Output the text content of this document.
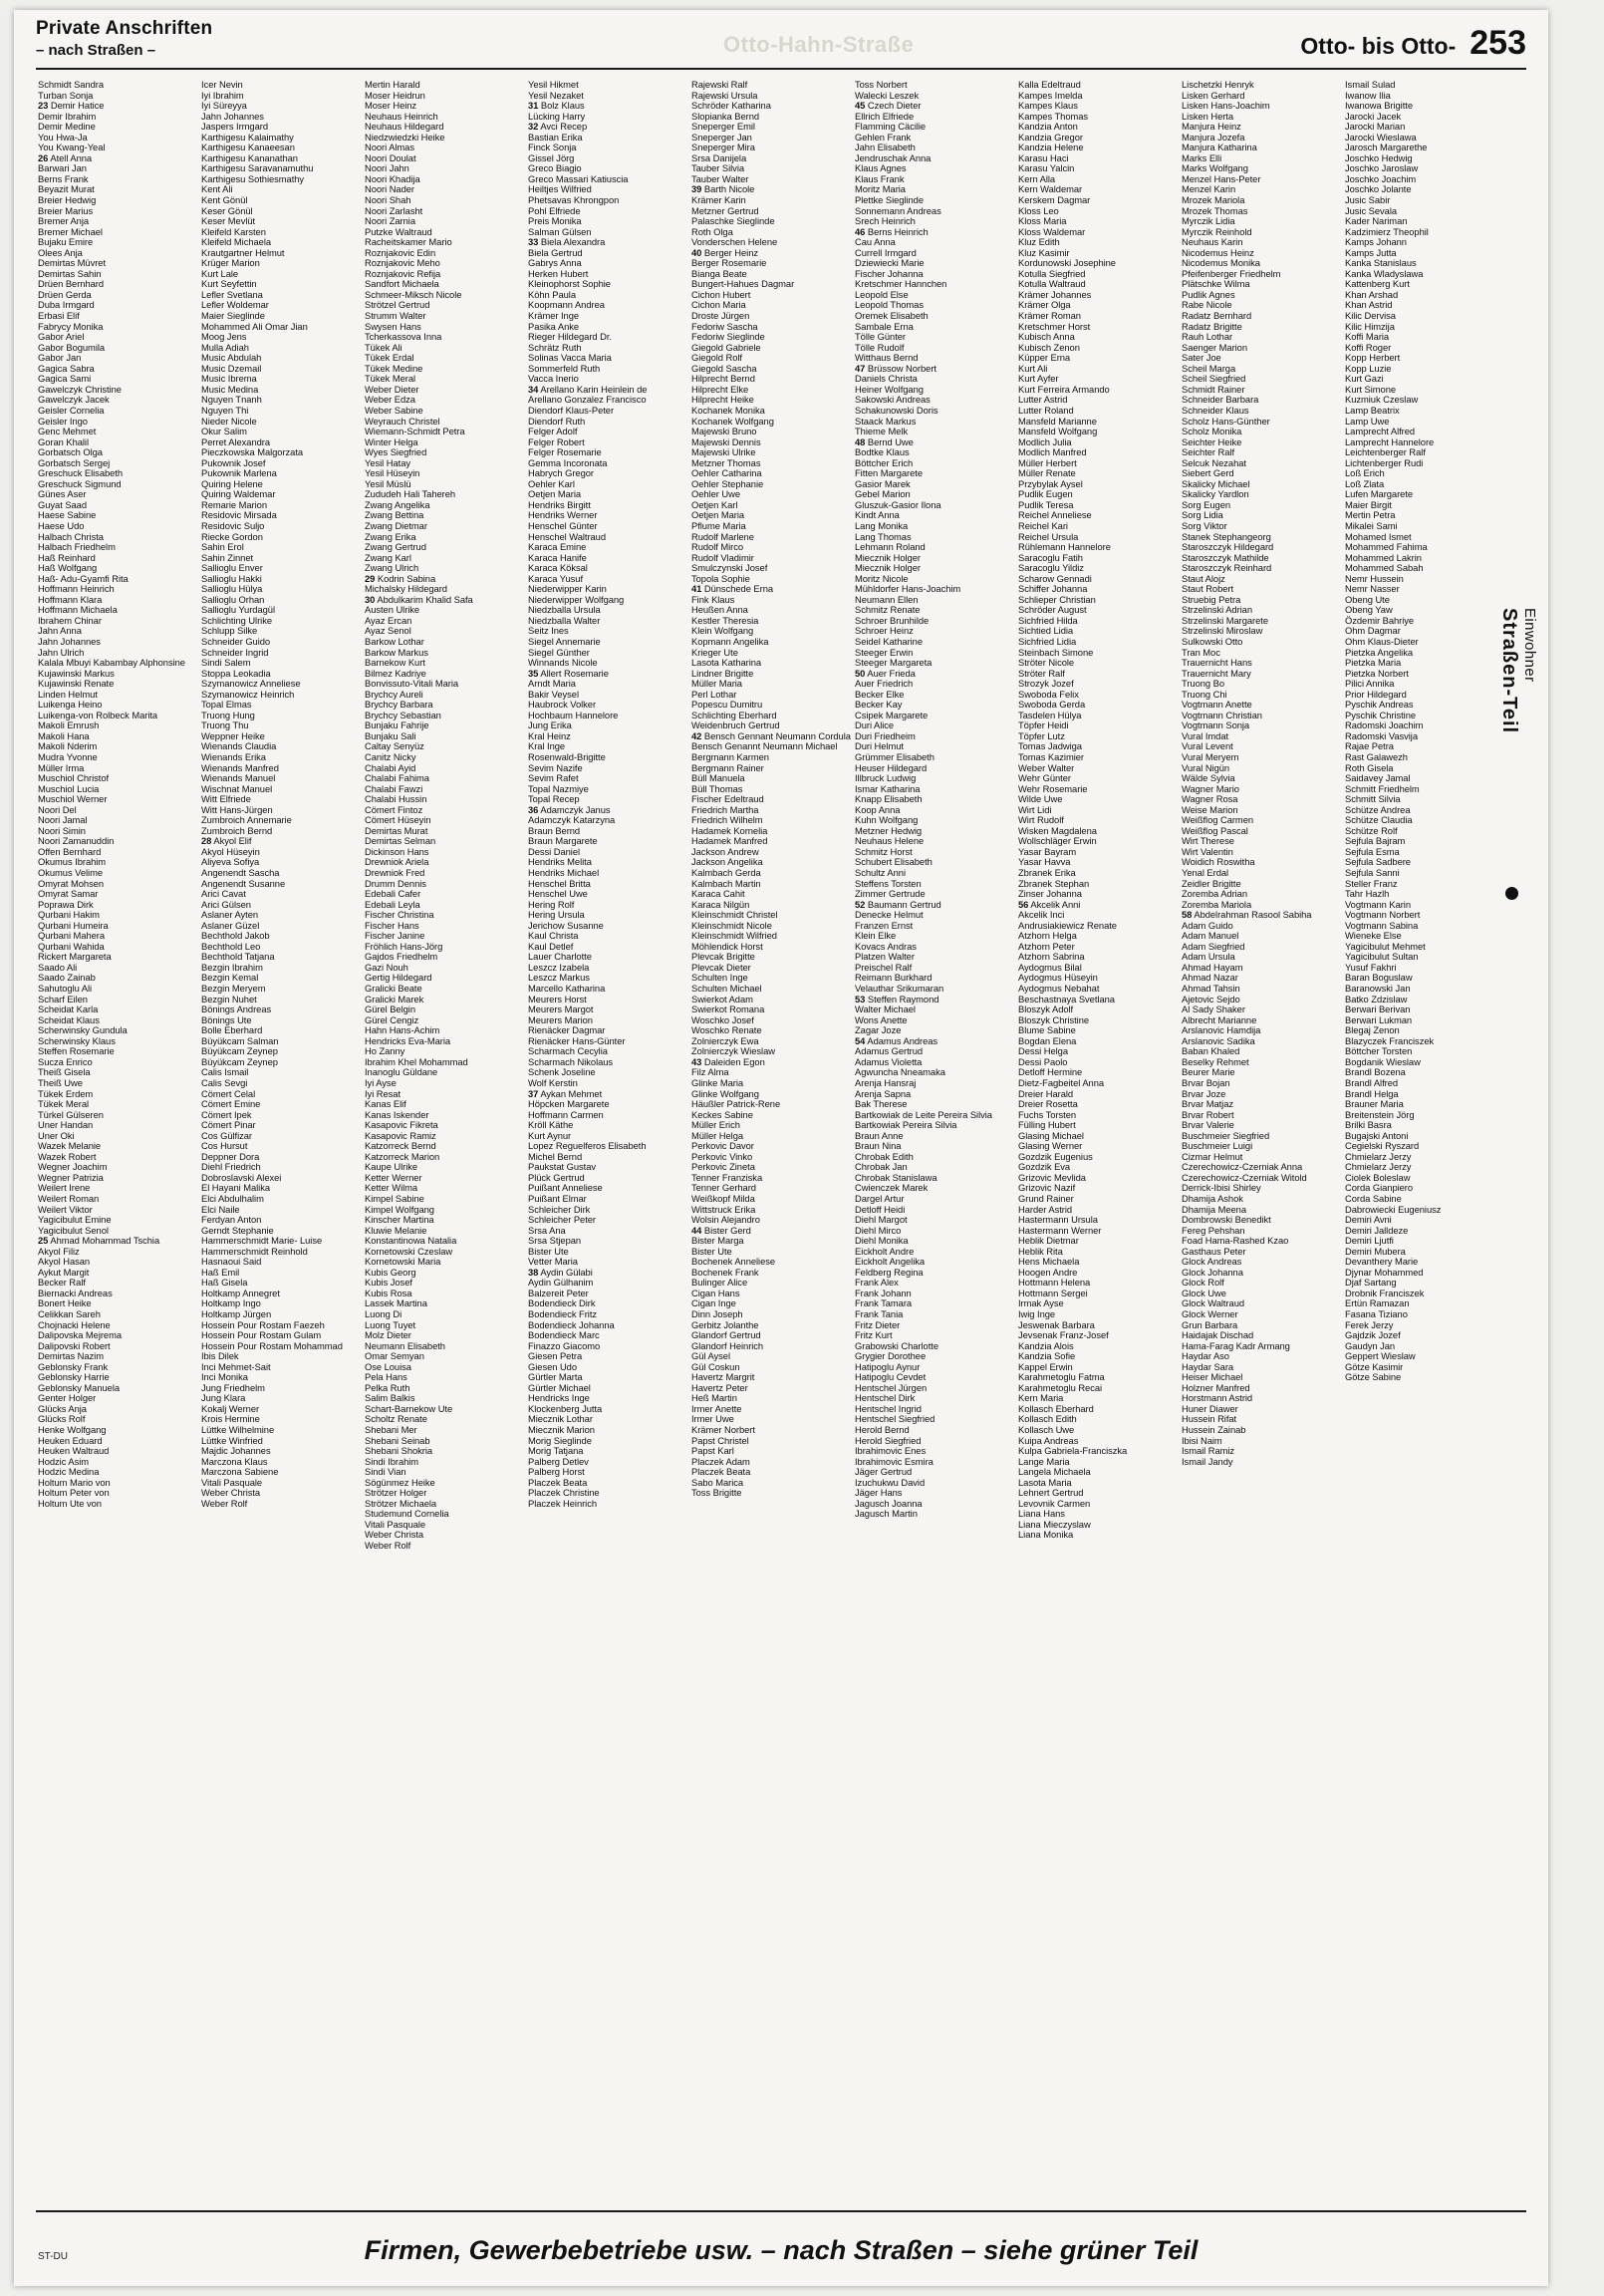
Private Anschriften
– nach Straßen –	Otto-Hahn-Straße	Otto- bis Otto- 253
Einwohner
Straßen-Teil
Schmidt Sandra
Turban Sonja
23 Demir Hatice
Demir Ibrahim
Demir Medine
You Hwa-Ja
You Kwang-Yeal
26 Atell Anna
Barwari Jan
Berns Frank
Beyazit Murat
Breier Hedwig
Breier Marius
Bremer Anja
Bremer Michael
Bujaku Emire
Olees Anja
Demirtas Müvret
Demirtas Sahin
Drüen Bernhard
Drüen Gerda
Duba Irmgard
Erbasi Elif
Fabrycy Monika
Gabor Ariel
Gabor Bogumila
Gabor Jan
Gagica Sabra
Gagica Sami
Gawelczyk Christine
Gawelczyk Jacek
Geisler Cornelia
Geisler Ingo
Genc Mehmet
Goran Khalil
Gorbatsch Olga
Gorbatsch Sergej
Greschuck Elisabeth
Greschuck Sigmund
Günes Aser
Guyat Saad
Haese Sabine
Haese Udo
Halbach Christa
Halbach Friedhelm
Haß Reinhard
Haß Wolfgang
Haß- Adu-Gyamfi Rita
Hoffmann Heinrich
Hoffmann Klara
Hoffmann Michaela
Ibrahem Chinar
Jahn Anna
Jahn Johannes
Jahn Ulrich
Kalala Mbuyi Kabambay Alphonsine
Kujawinski Markus
Kujawinski Renate
Linden Helmut
Luikenga Heino
Luikenga-von Rolbeck Marita
Makoli Emrush
Makoli Hana
Makoli Nderim
Mudra Yvonne
Müller Irma
Muschiol Christof
Muschiol Lucia
Muschiol Werner
Noori Del
Noori Jamal
Noori Simin
Noori Zamanuddin
Offen Bernhard
Okumus Ibrahim
Okumus Velime
Omyrat Mohsen
Omyrat Samar
Poprawa Dirk
Qurbani Hakim
Qurbani Humeira
Qurbani Mahera
Qurbani Wahida
Rickert Margareta
Saado Ali
Saado Zainab
Sahutoglu Ali
Scharf Eilen
Scheidat Karla
Scheidat Klaus
Scherwinsky Gundula
Scherwinsky Klaus
Steffen Rosemarie
Sucza Enrico
Theiß Gisela
Theiß Uwe
Tükek Erdem
Tükek Meral
Türkel Gülseren
Uner Handan
Uner Oki
Wazek Melanie
Wazek Robert
Wegner Joachim
Wegner Patrizia
Weilert Irene
Weilert Roman
Weilert Viktor
Yagicibulut Emine
Yagicibulut Senol
25 Ahmad Mohammad Tschia
Akyol Filiz
Akyol Hasan
Aykut Margit
Becker Ralf
Biernacki Andreas
Bonert Heike
Celikkan Sareh
Chojnacki Helene
Dalipovska Mejrema
Dalipovski Robert
Demirtas Nazim
Geblonsky Frank
Geblonsky Harrie
Geblonsky Manuela
Genter Holger
Glücks Anja
Glücks Rolf
Henke Wolfgang
Heuken Eduard
Heuken Waltraud
Hodzic Asim
Hodzic Medina
Holtum Mario von
Holtum Peter von
Holtum Ute von
Icer Nevin
Iyi Ibrahim
Iyi Süreyya
Jahn Johannes
Jaspers Irmgard
Karthigesu Kalaimathy
Karthigesu Kanaeesan
Karthigesu Kananathan
Karthigesu Saravanamuthu
Karthigesu Sothiesmathy
Kent Ali
Kent Gönül
Keser Gönül
Keser Mevlüt
Kleifeld Karsten
Kleifeld Michaela
Krautgartner Helmut
Krüger Marion
Kurt Lale
Kurt Seyfettin
Lefler Svetlana
Lefler Woldemar
Maier Sieglinde
Mohammed Ali Omar Jian
Moog Jens
Mulla Adiah
Music Abdulah
Music Dzemail
Music Ibrema
Music Medina
Nguyen Tnanh
Nguyen Thi
Nieder Nicole
Okur Salim
Perret Alexandra
Pieczkowska Malgorzata
Pukownik Josef
Pukownik Marlena
Quiring Helene
Quiring Waldemar
Remarie Marion
Residovic Mirsada
Residovic Suljo
Riecke Gordon
Sahin Erol
Sahin Zinnet
Sallioglu Enver
Sallioglu Hakki
Sallioglu Hülya
Sallioglu Orhan
Sallioglu Yurdagül
Schlichting Ulrike
Schlupp Silke
Schneider Guido
Schneider Ingrid
Sindi Salem
Stoppa Leokadia
Szymanowicz Anneliese
Szymanowicz Heinrich
Topal Elmas
Truong Hung
Truong Thu
Weppner Heike
Wienands Claudia
Wienands Erika
Wienands Manfred
Wienands Manuel
Wischnat Manuel
Witt Elfriede
Witt Hans-Jürgen
Zumbroich Annemarie
Zumbroich Bernd
28 Akyol Elif
Akyol Hüseyin
Aliyeva Sofiya
Angenendt Sascha
Angenendt Susanne
Arici Cavat
Arici Gülsen
Aslaner Ayten
Aslaner Güzel
Bechthold Jakob
Bechthold Leo
Bechthold Tatjana
Bezgin Ibrahim
Bezgin Kemal
Bezgin Meryem
Bezgin Nuhet
Bönings Andreas
Bönings Ute
Bolle Eberhard
Büyükcam Salman
Büyükcam Zeynep
Büyükcam Zeynep
Calis Ismail
Calis Sevgi
Cömert Celal
Cömert Emine
Cömert Ipek
Cömert Pinar
Cos Gülfizar
Cos Hursut
Deppner Dora
Diehl Friedrich
Dobroslavski Alexei
El Hayani Malika
Elci Abdulhalim
Elci Naile
Ferdyan Anton
Gerndt Stephanie
Hammerschmidt Marie- Luise
Hammerschmidt Reinhold
Hasnaoui Said
Haß Emil
Haß Gisela
Holtkamp Annegret
Holtkamp Ingo
Holtkamp Jürgen
Hossein Pour Rostam Faezeh
Hossein Pour Rostam Gulam
Hossein Pour Rostam Mohammad
Ibis Dilek
Inci Mehmet-Sait
Inci Monika
Jung Friedhelm
Jung Klara
Kokalj Werner
Krois Hermine
Lüttke Wilhelmine
Lüttke Winfried
Majdic Johannes
Marczona Klaus
Marczona Sabiene
Vitali Pasquale
Weber Christa
Weber Rolf
Mertin Harald
Moser Heidrun
Moser Heinz
Neuhaus Heinrich
Neuhaus Hildegard
Niedzwiedzki Heike
Noori Almas
Noori Doulat
Noori Jahn
Noori Khadija
Noori Nader
Noori Shah
Noori Zarlasht
Noori Zarnia
Putzke Waltraud
Racheitskamer Mario
Roznjakovic Edin
Roznjakovic Meho
Roznjakovic Refija
Sandfort Michaela
Schmeer-Miksch Nicole
Strötzel Gertrud
Strumm Walter
Swysen Hans
Tcherkassova Inna
Tükek Ali
Tükek Erdal
Tükek Medine
Tükek Meral
Weber Dieter
Weber Edza
Weber Sabine
Weyrauch Christel
Wiemann-Schmidt Petra
Winter Helga
Wyes Siegfried
Yesil Hatay
Yesil Hüseyin
Yesil Müslü
Zududeh Hali Tahereh
Zwang Angelika
Zwang Bettina
Zwang Dietmar
Zwang Erika
Zwang Gertrud
Zwang Karl
Zwang Ulrich
29 Kodrin Sabina
Michalsky Hildegard
30 Abdulkarim Khalid Safa
Austen Ulrike
Ayaz Ercan
Ayaz Senol
Barkow Lothar
Barkow Markus
Barnekow Kurt
Bilmez Kadriye
Bonvissuto-Vitali Maria
Brychcy Aureli
Brychcy Barbara
Brychcy Sebastian
Bunjaku Fahrije
Bunjaku Sali
Caltay Senyüz
Canitz Nicky
Chalabi Ayid
Chalabi Fahima
Chalabi Fawzi
Chalabi Hussin
Cömert Fintoz
Cömert Hüseyin
Demirtas Murat
Demirtas Selman
Dickinson Hans
Drewniok Ariela
Drewniok Fred
Drumm Dennis
Edebali Cafer
Edebali Leyla
Fischer Christina
Fischer Hans
Fischer Janine
Fröhlich Hans-Jörg
Gajdos Friedhelm
Gazi Nouh
Gertig Hildegard
Gralicki Beate
Gralicki Marek
Gürel Belgin
Gürel Cengiz
Hahn Hans-Achim
Hendricks Eva-Maria
Ho Zanny
Ibrahim Khel Mohammad
Inanoglu Güldane
Iyi Ayse
Iyi Resat
Kanas Elif
Kanas Iskender
Kasapovic Fikreta
Kasapovic Ramiz
Katzorreck Bernd
Katzorreck Marion
Kaupe Ulrike
Ketter Werner
Ketter Wilma
Kimpel Sabine
Kimpel Wolfgang
Kinscher Martina
Kluwie Melanie
Konstantinowa Natalia
Kornetowski Czeslaw
Kornetowski Maria
Kubis Georg
Kubis Josef
Kubis Rosa
Lassek Martina
Luong Di
Luong Tuyet
Molz Dieter
Neumann Elisabeth
Omar Semyan
Ose Louisa
Pela Hans
Pelka Ruth
Salim Balkis
Schart-Barnekow Ute
Scholtz Renate
Shebani Mer
Shebani Seinab
Shebani Shokria
Sindi Ibrahim
Sindi Vian
Sögünmez Heike
Strötzer Holger
Strötzer Michaela
Studemund Cornelia
Vitali Pasquale
Weber Christa
Weber Rolf
Yesil Hikmet
Yesil Nezaket
31 Bolz Klaus
Lücking Harry
32 Avci Recep
Bastian Erika
Finck Sonja
Gissel Jörg
Greco Biagio
Greco Massari Katiuscia
Heiltjes Wilfried
Phetsavas Khrongpon
Pohl Elfriede
Preis Monika
Salman Gülsen
33 Biela Alexandra
Biela Gertrud
Gabrys Anna
Herken Hubert
Kleinophorst Sophie
Köhn Paula
Koopmann Andrea
Krämer Inge
Pasika Anke
Rieger Hildegard Dr.
Schrätz Ruth
Solinas Vacca Maria
Sommerfeld Ruth
Vacca Inerio
34 Arellano Karin Heinlein de
Arellano Gonzalez Francisco
Diendorf Klaus-Peter
Diendorf Ruth
Felger Adolf
Felger Robert
Felger Rosemarie
Gemma Incoronata
Habrych Gregor
Oehler Karl
Oetjen Maria
Hendriks Birgitt
Hendriks Werner
Henschel Günter
Henschel Waltraud
Karaca Emine
Karaca Hanife
Karaca Köksal
Karaca Yusuf
Niederwipper Karin
Niederwipper Wolfgang
Niedzballa Ursula
Niedzballa Walter
Seitz Ines
Siegel Annemarie
Siegel Günther
Winnands Nicole
35 Allert Rosemarie
Arndt Maria
Bakir Veysel
Haubrock Volker
Hochbaum Hannelore
Jung Erika
Kral Heinz
Kral Inge
Rosenwald-Brigitte
Sevim Nazife
Sevim Rafet
Topal Nazmiye
Topal Recep
36 Adamczyk Janus
Adamczyk Katarzyna
Braun Bernd
Braun Margarete
Dessi Daniel
Hendriks Melita
Hendriks Michael
Henschel Britta
Henschel Uwe
Hering Rolf
Hering Ursula
Jerichow Susanne
Kaul Christa
Kaul Detlef
Lauer Charlotte
Leszcz Izabela
Leszcz Markus
Marcello Katharina
Meurers Horst
Meurers Margot
Meurers Marion
Rienäcker Dagmar
Rienäcker Hans-Günter
Scharmach Cecylia
Scharmach Nikolaus
Schenk Joseline
Wolf Kerstin
37 Aykan Mehmet
Höpcken Margarete
Hoffmann Carmen
Kröll Käthe
Kurt Aynur
Lopez Reguelferos Elisabeth
Michel Bernd
Paukstat Gustav
Plück Gertrud
Puißant Anneliese
Puißant Elmar
Schleicher Dirk
Schleicher Peter
Srsa Ana
Srsa Stjepan
Bister Ute
Vetter Maria
38 Aydin Gülabi
Aydin Gülhanim
Balzereit Peter
Bodendieck Dirk
Bodendieck Fritz
Bodendieck Johanna
Bodendieck Marc
Finazzo Giacomo
Giesen Petra
Giesen Udo
Gürtler Marta
Gürtler Michael
Hendricks Inge
Klockenberg Jutta
Miecznik Lothar
Miecznik Marion
Morig Sieglinde
Morig Tatjana
Palberg Detlev
Palberg Horst
Placzek Beata
Placzek Christine
Placzek Heinrich
Rajewski Ralf
Rajewski Ursula
Schröder Katharina
Slopianka Bernd
Sneperger Emil
Sneperger Jan
Sneperger Mira
Srsa Danijela
Tauber Silvia
Tauber Walter
39 Barth Nicole
Krämer Karin
Metzner Gertrud
Palaschke Sieglinde
Roth Olga
Vonderschen Helene
40 Berger Heinz
Berger Rosemarie
Bianga Beate
Bungert-Hahues Dagmar
Cichon Hubert
Cichon Maria
Droste Jürgen
Fedoriw Sascha
Fedoriw Sieglinde
Giegold Gabriele
Giegold Rolf
Giegold Sascha
Hilprecht Bernd
Hilprecht Elke
Hilprecht Heike
Kochanek Monika
Kochanek Wolfgang
Majewski Bruno
Majewski Dennis
Majewski Ulrike
Metzner Thomas
Oehler Catharina
Oehler Stephanie
Oehler Uwe
Oetjen Karl
Oetjen Maria
Pflume Maria
Rudolf Marlene
Rudolf Mirco
Rudolf Vladimir
Smulczynski Josef
Topola Sophie
41 Dünschede Erna
Fink Klaus
Heußen Anna
Kestler Theresia
Klein Wolfgang
Kopmann Angelika
Krieger Ute
Lasota Katharina
Lindner Brigitte
Müller Maria
Perl Lothar
Popescu Dumitru
Schlichting Eberhard
Weidenbruch Gertrud
42 Bensch Gennant Neumann Cordula
Bensch Genannt Neumann Michael
Bergmann Karmen
Bergmann Rainer
Büll Manuela
Büll Thomas
Fischer Edeltraud
Friedrich Martha
Friedrich Wilhelm
Hadamek Kornelia
Hadamek Manfred
Jackson Andrew
Jackson Angelika
Kalmbach Gerda
Kalmbach Martin
Karaca Cahit
Karaca Nilgün
Kleinschmidt Christel
Kleinschmidt Nicole
Kleinschmidt Wilfried
Möhlendick Horst
Plevcak Brigitte
Plevcak Dieter
Schulten Inge
Schulten Michael
Swierkot Adam
Swierkot Romana
Woschko Josef
Woschko Renate
Zolnierczyk Ewa
Zolnierczyk Wieslaw
43 Daleiden Egon
Filz Alma
Glinke Maria
Glinke Wolfgang
Häußler Patrick-Rene
Keckes Sabine
Müller Erich
Müller Helga
Perkovic Davor
Perkovic Vinko
Perkovic Zineta
Tenner Franziska
Tenner Gerhard
Weißkopf Milda
Wittstruck Erika
Wolsin Alejandro
44 Bister Gerd
Bister Marga
Bister Ute
Bochenek Anneliese
Bochenek Frank
Bulinger Alice
Cigan Hans
Cigan Inge
Dinn Joseph
Gerbitz Jolanthe
Glandorf Gertrud
Glandorf Heinrich
Gül Aysel
Gül Coskun
Havertz Margrit
Havertz Peter
Heß Martin
Irmer Anette
Irmer Uwe
Krämer Norbert
Papst Christel
Papst Karl
Placzek Adam
Placzek Beata
Sabo Marica
Toss Brigitte
Toss Norbert
Walecki Leszek
45 Czech Dieter
Ellrich Elfriede
Flamming Cäcilie
Gehlen Frank
Jahn Elisabeth
Jendruschak Anna
Klaus Agnes
Klaus Frank
Moritz Maria
Plettke Sieglinde
Sonnemann Andreas
Srech Heinrich
46 Berns Heinrich
Cau Anna
Currell Irmgard
Dziewiecki Marie
Fischer Johanna
Kretschmer Hannchen
Leopold Else
Leopold Thomas
Oremek Elisabeth
Sambale Erna
Tölle Günter
Tölle Rudolf
Witthaus Bernd
47 Brüssow Norbert
Daniels Christa
Heiner Wolfgang
Sakowski Andreas
Schakunowski Doris
Staack Markus
Thieme Melk
48 Bernd Uwe
Bodtke Klaus
Böttcher Erich
Fitten Margarete
Gasior Marek
Gebel Marion
Gluszuk-Gasior Ilona
Kindt Anna
Lang Monika
Lang Thomas
Lehmann Roland
Miecznik Holger
Miecznik Holger
Moritz Nicole
Mühldorfer Hans-Joachim
Neumann Ellen
Schmitz Renate
Schroer Brunhilde
Schroer Heinz
Seidel Katharine
Steeger Erwin
Steeger Margareta
50 Auer Frieda
Auer Friedrich
Becker Elke
Becker Kay
Csipek Margarete
Duri Alice
Duri Friedheim
Duri Helmut
Grümmer Elisabeth
Heuser Hildegard
Illbruck Ludwig
Ismar Katharina
Knapp Elisabeth
Koop Anna
Kuhn Wolfgang
Metzner Hedwig
Neuhaus Helene
Schmitz Horst
Schubert Elisabeth
Schultz Anni
Steffens Torsten
Zimmer Gertrude
52 Baumann Gertrud
Denecke Helmut
Franzen Ernst
Klein Elke
Kovacs Andras
Platzen Walter
Preischel Ralf
Reimann Burkhard
Velauthar Srikumaran
53 Steffen Raymond
Walter Michael
Wons Anette
Zagar Joze
54 Adamus Andreas
Adamus Gertrud
Adamus Violetta
Agwuncha Nneamaka
Arenja Hansraj
Arenja Sapna
Bak Therese
Bartkowiak de Leite Pereira Silvia
Bartkowiak Pereira Silvia
Braun Anne
Braun Nina
Chrobak Edith
Chrobak Jan
Chrobak Stanislawa
Cwienczek Marek
Dargel Artur
Detloff Heidi
Diehl Margot
Diehl Mirco
Diehl Monika
Eickholt Andre
Eickholt Angelika
Feldberg Regina
Frank Alex
Frank Johann
Frank Tamara
Frank Tania
Fritz Dieter
Fritz Kurt
Grabowski Charlotte
Grygier Dorothee
Hatipoglu Aynur
Hatipoglu Cevdet
Hentschel Jürgen
Hentschel Dirk
Hentschel Ingrid
Hentschel Siegfried
Herold Bernd
Herold Siegfried
Ibrahimovic Enes
Ibrahimovic Esmira
Jäger Gertrud
Izuchukwu David
Jäger Hans
Jagusch Joanna
Jagusch Martin
Kalla Edeltraud
Kampes Imelda
Kampes Klaus
Kampes Thomas
Kandzia Anton
Kandzia Gregor
Kandzia Helene
Karasu Haci
Karasu Yalcin
Kern Alla
Kern Waldemar
Kerskem Dagmar
Kloss Leo
Kloss Maria
Kloss Waldemar
Kluz Edith
Kluz Kasimir
Kordunowski Josephine
Kotulla Siegfried
Kotulla Waltraud
Krämer Johannes
Krämer Olga
Krämer Roman
Kretschmer Horst
Kubisch Anna
Kubisch Zenon
Küpper Erna
Kurt Ali
Kurt Ayfer
Kurt Ferreira Armando
Lutter Astrid
Lutter Roland
Mansfeld Marianne
Mansfeld Wolfgang
Modlich Julia
Modlich Manfred
Müller Herbert
Müller Renate
Przybylak Aysel
Pudlik Eugen
Pudlik Teresa
Reichel Anneliese
Reichel Kari
Reichel Ursula
Rühlemann Hannelore
Saracoglu Fatih
Saracoglu Yildiz
Scharow Gennadi
Schiffer Johanna
Schlieper Christian
Schröder August
Sichfried Hilda
Sichtied Lidia
Sichfried Lidia
Steinbach Simone
Ströter Nicole
Ströter Ralf
Strozyk Jozef
Swoboda Felix
Swoboda Gerda
Tasdelen Hülya
Töpfer Heidi
Töpfer Lutz
Tomas Jadwiga
Tomas Kazimier
Weber Walter
Wehr Günter
Wehr Rosemarie
Wilde Uwe
Wirt Lidi
Wirt Rudolf
Wisken Magdalena
Wollschläger Erwin
Yasar Bayram
Yasar Havva
Zbranek Erika
Zbranek Stephan
Zinser Johanna
56 Akcelik Anni
Akcelik Inci
Andrusiakiewicz Renate
Atzhorn Helga
Atzhorn Peter
Atzhorn Sabrina
Aydogmus Bilal
Aydogmus Hüseyin
Aydogmus Nebahat
Beschastnaya Svetlana
Bloszyk Adolf
Bloszyk Christine
Blume Sabine
Bogdan Elena
Dessi Helga
Dessi Paolo
Detloff Hermine
Dietz-Fagbeitel Anna
Dreier Harald
Dreier Rosetta
Fuchs Torsten
Fülling Hubert
Glasing Michael
Glasing Werner
Gozdzik Eugenius
Gozdzik Eva
Grizovic Mevlida
Grizovic Nazif
Grund Rainer
Harder Astrid
Hastermann Ursula
Hastermann Werner
Heblik Dietmar
Heblik Rita
Hens Michaela
Hoogen Andre
Hottmann Helena
Hottmann Sergei
Irmak Ayse
Iwig Inge
Jeswenak Barbara
Jevsenak Franz-Josef
Kandzia Alois
Kandzia Sofie
Kappel Erwin
Karahmetoglu Fatma
Karahmetoglu Recai
Kern Maria
Kollasch Eberhard
Kollasch Edith
Kollasch Uwe
Kuipa Andreas
Kulpa Gabriela-Franciszka
Lange Maria
Langela Michaela
Lasota Maria
Lehnert Gertrud
Levovnik Carmen
Liana Hans
Liana Mieczyslaw
Liana Monika
Lischetzki Henryk
Lisken Gerhard
Lisken Hans-Joachim
Lisken Herta
Manjura Heinz
Manjura Jozefa
Manjura Katharina
Marks Elli
Marks Wolfgang
Menzel Hans-Peter
Menzel Karin
Mrozek Mariola
Mrozek Thomas
Myrczik Lidia
Myrczik Reinhold
Neuhaus Karin
Nicodemus Heinz
Nicodemus Monika
Pfeifenberger Friedhelm
Plätschke Wilma
Pudlik Agnes
Rabe Nicole
Radatz Bernhard
Radatz Brigitte
Rauh Lothar
Saenger Marion
Sater Joe
Scheil Marga
Scheil Siegfried
Schmidt Rainer
Schneider Barbara
Schneider Klaus
Scholz Hans-Günther
Scholz Monika
Seichter Heike
Seichter Ralf
Selcuk Nezahat
Siebert Gerd
Skalicky Michael
Skalicky Yardlon
Sorg Eugen
Sorg Lidia
Sorg Viktor
Stanek Stephangeorg
Staroszczyk Hildegard
Staroszczyk Mathilde
Staroszczyk Reinhard
Staut Alojz
Staut Robert
Struebig Petra
Strzelinski Adrian
Strzelinski Margarete
Strzelinski Miroslaw
Sulkowski Otto
Tran Moc
Trauernicht Hans
Trauernicht Mary
Truong Bo
Truong Chi
Vogtmann Anette
Vogtmann Christian
Vogtmann Sonja
Vural Imdat
Vural Levent
Vural Meryem
Vural Nigün
Wälde Sylvia
Wagner Mario
Wagner Rosa
Weise Marion
Weißflog Carmen
Weißflog Pascal
Wirt Therese
Wirt Valentin
Woidich Roswitha
Yenal Erdal
Zeidler Brigitte
Zoremba Adrian
Zoremba Mariola
58 Abdelrahman Rasool Sabiha
Adam Guido
Adam Manuel
Adam Siegfried
Adam Ursula
Ahmad Hayam
Ahmad Nazar
Ahmad Tahsin
Ajetovic Sejdo
Al Sady Shaker
Albrecht Marianne
Arslanovic Hamdija
Arslanovic Sadika
Baban Khaled
Beselky Rehmet
Beurer Marie
Brvar Bojan
Brvar Joze
Brvar Matjaz
Brvar Robert
Brvar Valerie
Buschmeier Siegfried
Buschmeier Luigi
Cizmar Helmut
Czerechowicz-Czerniak Anna
Czerechowicz-Czerniak Witold
Derrick-Ibisi Shirley
Dhamija Ashok
Dhamija Meena
Dombrowski Benedikt
Fereg Pehshan
Foad Hama-Rashed Kzao
Gasthaus Peter
Glock Andreas
Glock Johanna
Glock Rolf
Glock Uwe
Glock Waltraud
Glock Werner
Grun Barbara
Haidajak Dischad
Hama-Farag Kadr Armang
Haydar Aso
Haydar Sara
Heiser Michael
Holzner Manfred
Horstmann Astrid
Huner Diawer
Hussein Rifat
Hussein Zainab
Ibisi Naim
Ismail Ramiz
Ismail Jandy
Ismail Sulad
Iwanow Ilia
Iwanowa Brigitte
Jarocki Jacek
Jarocki Marian
Jarocki Wieslawa
Jarosch Margarethe
Joschko Hedwig
Joschko Jaroslaw
Joschko Joachim
Joschko Jolante
Jusic Sabir
Jusic Sevala
Kader Nariman
Kadzimierz Theophil
Kamps Johann
Kamps Jutta
Kanka Stanislaus
Kanka Wladyslawa
Kattenberg Kurt
Khan Arshad
Khan Astrid
Kilic Dervisa
Kilic Himzija
Koffi Maria
Koffi Roger
Kopp Herbert
Kopp Luzie
Kurt Gazi
Kurt Simone
Kuzmiuk Czeslaw
Lamp Beatrix
Lamp Uwe
Lamprecht Alfred
Lamprecht Hannelore
Leichtenberger Ralf
Lichtenberger Rudi
Loß Erich
Loß Zlata
Lufen Margarete
Maier Birgit
Mertin Petra
Mikalei Sami
Mohamed Ismet
Mohammed Fahima
Mohammed Lakrin
Mohammed Sabah
Nemr Hussein
Nemr Nasser
Obeng Ute
Obeng Yaw
Özdemir Bahriye
Ohm Dagmar
Ohm Klaus-Dieter
Pietzka Angelika
Pietzka Maria
Pietzka Norbert
Pilici Annika
Prior Hildegard
Pyschik Andreas
Pyschik Christine
Radomski Joachim
Radomski Vasvija
Rajae Petra
Rast Galawezh
Roth Gisela
Saidavey Jamal
Schmitt Friedhelm
Schmitt Silvia
Schütze Andrea
Schütze Claudia
Schütze Rolf
Sejfula Bajram
Sejfula Esma
Sejfula Sadbere
Sejfula Sanni
Steller Franz
Tahr Hazlh
Vogtmann Karin
Vogtmann Norbert
Vogtmann Sabina
Wieneke Else
Yagicibulut Mehmet
Yagicibulut Sultan
Yusuf Fakhri
Baran Boguslaw
Baranowski Jan
Batko Zdzislaw
Berwari Berivan
Berwari Lukman
Blegaj Zenon
Blazyczek Franciszek
Böttcher Torsten
Bogdanik Wieslaw
Brandl Bozena
Brandl Alfred
Brandl Helga
Brauner Maria
Breitenstein Jörg
Brilki Basra
Bugajski Antoni
Cegielski Ryszard
Chmielarz Jerzy
Chmielarz Jerzy
Ciolek Boleslaw
Corda Gianpiero
Corda Sabine
Dabrowiecki Eugeniusz
Demiri Avni
Demiri Jalldeze
Demiri Ljutfi
Demiri Mubera
Devanthery Marie
Djynar Mohammed
Djaf Sartang
Drobnik Franciszek
Ertün Ramazan
Fasana Tiziano
Ferek Jerzy
Gajdzik Jozef
Gaudyn Jan
Geppert Wieslaw
Götze Kasimir
Götze Sabine
ST-DU	Firmen, Gewerbebetriebe usw. – nach Straßen – siehe grüner Teil
